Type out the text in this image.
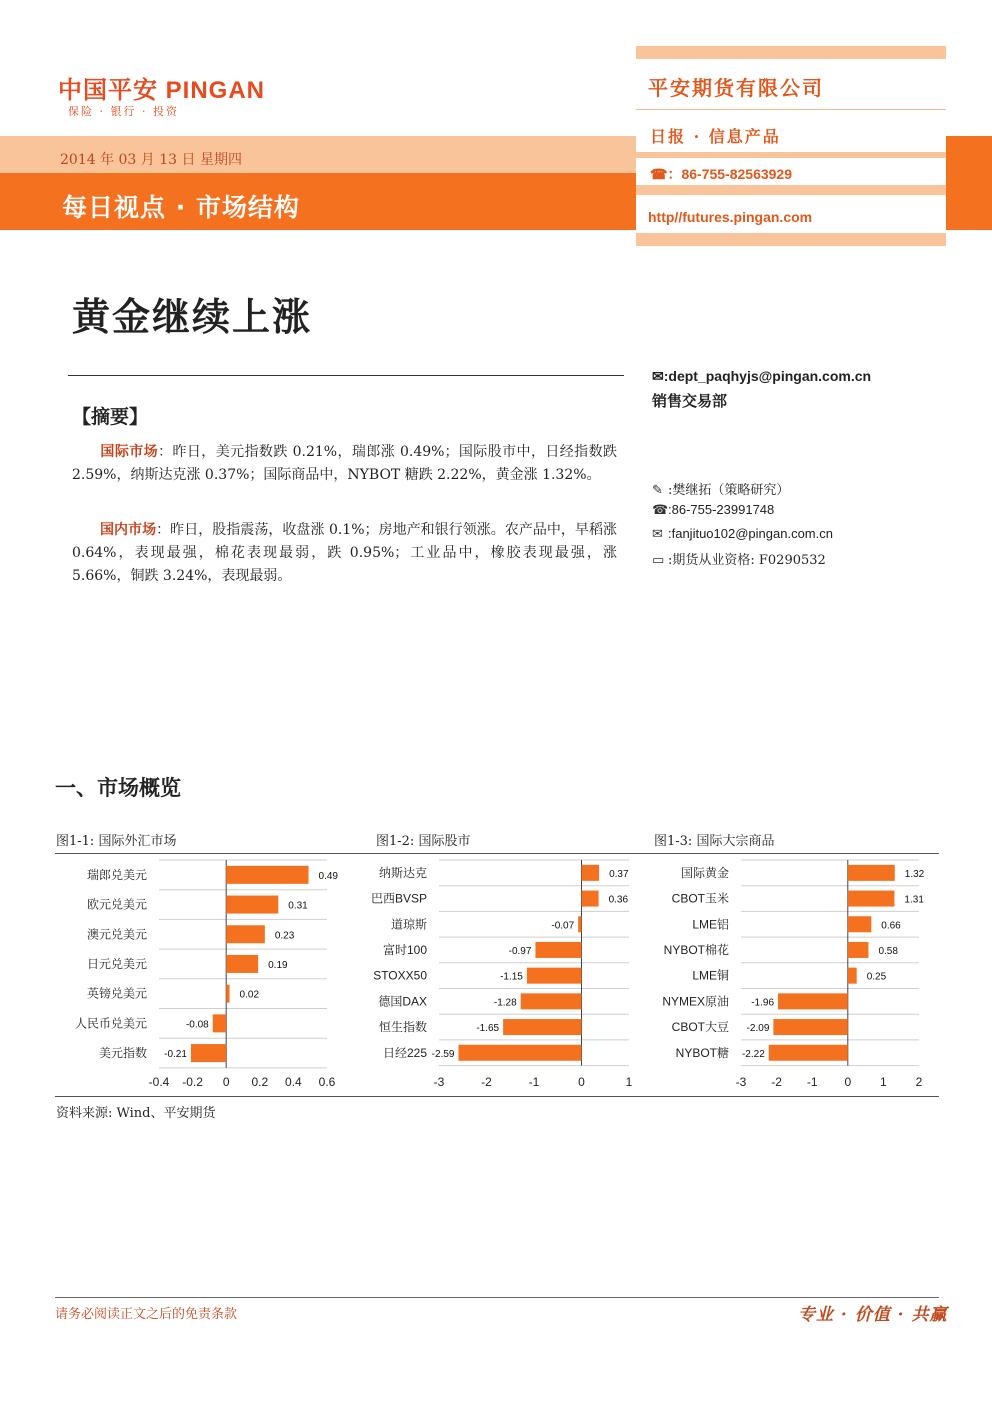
中国平安 PINGAN
保险 · 银行 · 投资
2014 年 03 月 13 日 星期四
每日视点 · 市场结构
平安期货有限公司
日报 · 信息产品
☎：86-755-82563929
http//futures.pingan.com
黄金继续上涨
✉:dept_paqhyjs@pingan.com.cn
销售交易部
【摘要】
国际市场：昨日，美元指数跌 0.21%，瑞郎涨 0.49%；国际股市中，日经指数跌 2.59%，纳斯达克涨 0.37%；国际商品中，NYBOT 糖跌 2.22%，黄金涨 1.32%。
国内市场：昨日，股指震荡，收盘涨 0.1%；房地产和银行领涨。农产品中，早稻涨 0.64%，表现最强，棉花表现最弱，跌 0.95%；工业品中，橡胶表现最强，涨 5.66%，铜跌 3.24%，表现最弱。
✎ :樊继拓（策略研究）
☎:86-755-23991748
✉ :fanjituo102@pingan.com.cn
▭ :期货从业资格: F0290532
一、市场概览
图1-1: 国际外汇市场	图1-2: 国际股市	图1-3: 国际大宗商品
瑞郎兑美元	0.49
欧元兑美元	0.31
澳元兑美元	0.23
日元兑美元	0.19
英镑兑美元	0.02
人民币兑美元	-0.08
美元指数 -0.21
-0.4 -0.2 0 0.2 0.4 0.6
纳斯达克	0.37
巴西BVSP	0.36
道琼斯	-0.07
富时100	-0.97
STOXX50	-1.15
德国DAX	-1.28
恒生指数	-1.65
日经225 -2.59
-3	-2	-1	0	1
国际黄金	1.32
CBOT玉米	1.31
LME铝	0.66
NYBOT棉花	0.58
LME铜	0.25
NYMEX原油 -1.96
CBOT大豆 -2.09
NYBOT糖 -2.22
-3 -2 -1 0 1 2
资料来源: Wind、平安期货
请务必阅读正文之后的免责条款	专业 · 价值 · 共赢
